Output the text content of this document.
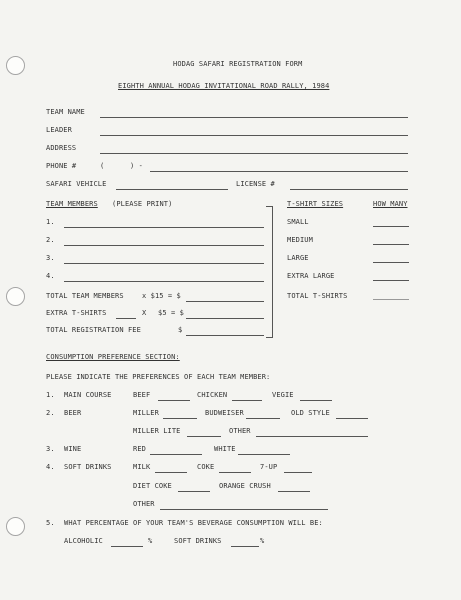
HODAG SAFARI REGISTRATION FORM
EIGHTH ANNUAL HODAG INVITATIONAL ROAD RALLY, 1984
TEAM NAME
LEADER
ADDRESS
PHONE #	(	) -
SAFARI VEHICLE	LICENSE #
TEAM MEMBERS (PLEASE PRINT)
1.
2.
3.
4.
TOTAL TEAM MEMBERS	x $15 = $
EXTRA T-SHIRTS	X $5 = $
TOTAL REGISTRATION FEE	$
T-SHIRT SIZES	HOW MANY
SMALL
MEDIUM
LARGE
EXTRA LARGE
TOTAL T-SHIRTS
CONSUMPTION PREFERENCE SECTION:
PLEASE INDICATE THE PREFERENCES OF EACH TEAM MEMBER:
1. MAIN COURSE	BEEF	CHICKEN	VEGIE
2. BEER	MILLER	BUDWEISER	OLD STYLE
MILLER LITE	OTHER
3. WINE	RED	WHITE
4. SOFT DRINKS	MILK	COKE	7-UP
DIET COKE	ORANGE CRUSH
OTHER
5. WHAT PERCENTAGE OF YOUR TEAM'S BEVERAGE CONSUMPTION WILL BE:
ALCOHOLIC	%	SOFT DRINKS	%
